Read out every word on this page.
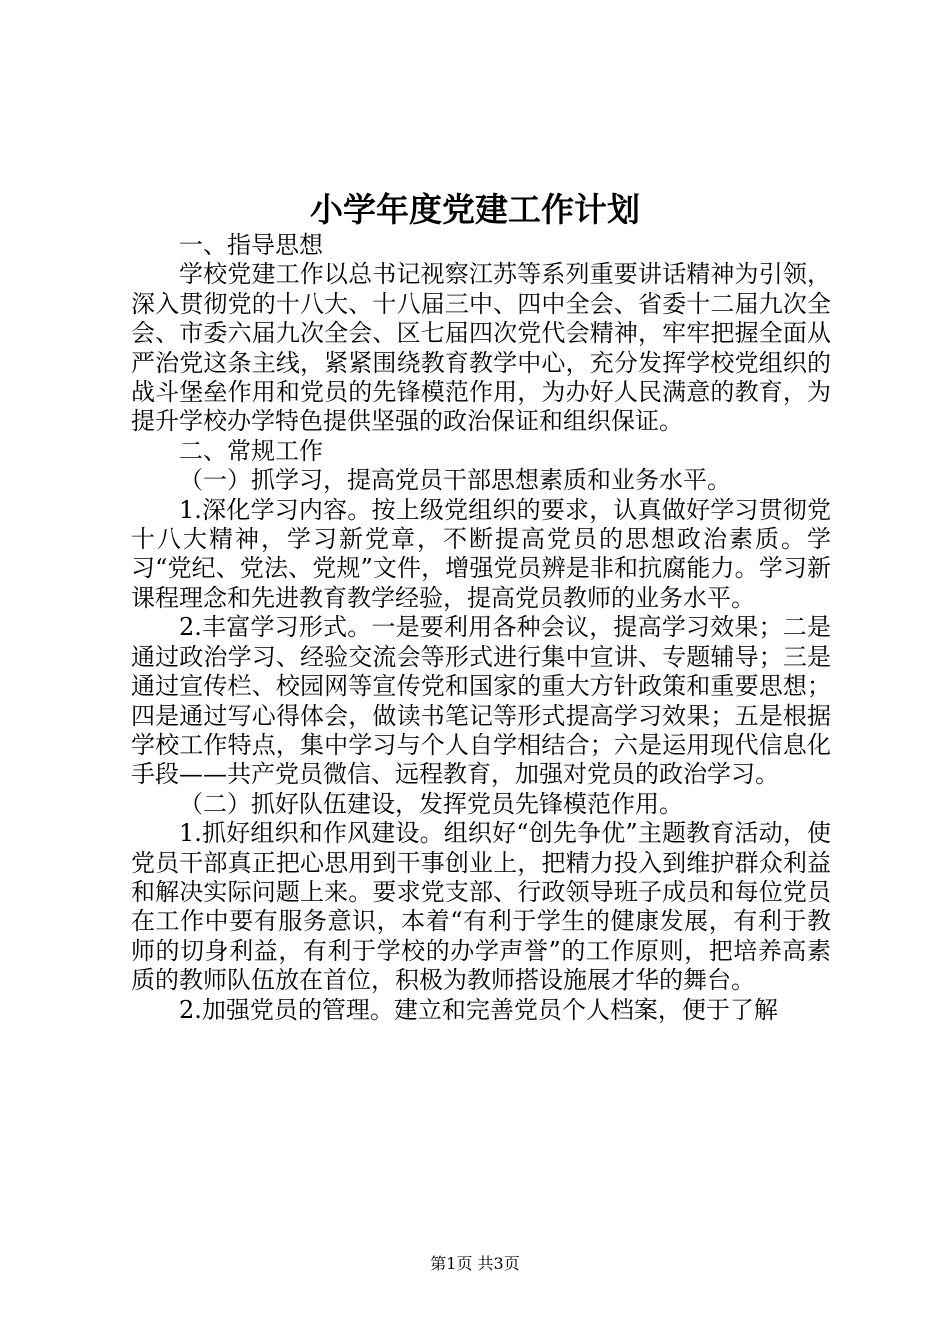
小学年度党建工作计划

一、指导思想

学校党建工作以总书记视察江苏等系列重要讲话精神为引领，深入贯彻党的十八大、十八届三中、四中全会、省委十二届九次全会、市委六届九次全会、区七届四次党代会精神，牢牢把握全面从严治党这条主线，紧紧围绕教育教学中心，充分发挥学校党组织的战斗堡垒作用和党员的先锋模范作用，为办好人民满意的教育，为提升学校办学特色提供坚强的政治保证和组织保证。

二、常规工作

（一）抓学习，提高党员干部思想素质和业务水平。

1.深化学习内容。按上级党组织的要求，认真做好学习贯彻党十八大精神，学习新党章，不断提高党员的思想政治素质。学习“党纪、党法、党规”文件，增强党员辨是非和抗腐能力。学习新课程理念和先进教育教学经验，提高党员教师的业务水平。

2.丰富学习形式。一是要利用各种会议，提高学习效果；二是通过政治学习、经验交流会等形式进行集中宣讲、专题辅导；三是通过宣传栏、校园网等宣传党和国家的重大方针政策和重要思想；四是通过写心得体会，做读书笔记等形式提高学习效果；五是根据学校工作特点，集中学习与个人自学相结合；六是运用现代信息化手段——共产党员微信、远程教育，加强对党员的政治学习。

（二）抓好队伍建设，发挥党员先锋模范作用。

1.抓好组织和作风建设。组织好“创先争优”主题教育活动，使党员干部真正把心思用到干事创业上，把精力投入到维护群众利益和解决实际问题上来。要求党支部、行政领导班子成员和每位党员在工作中要有服务意识，本着“有利于学生的健康发展，有利于教师的切身利益，有利于学校的办学声誉”的工作原则，把培养高素质的教师队伍放在首位，积极为教师搭设施展才华的舞台。

2.加强党员的管理。建立和完善党员个人档案，便于了解

第1页 共3页
